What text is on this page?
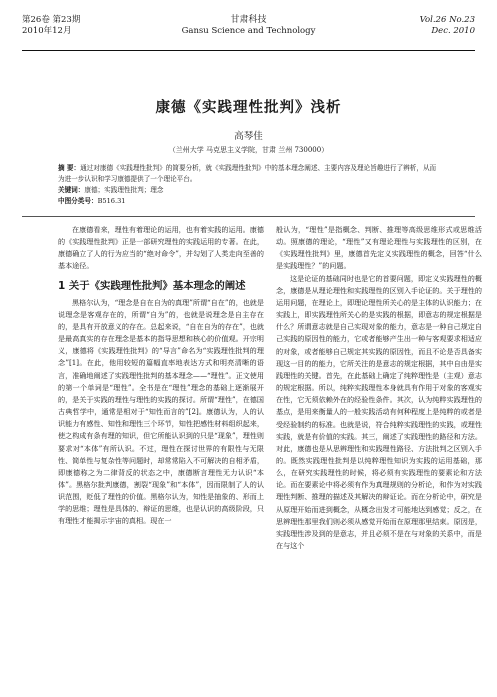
第26卷 第23期
2010年12月
甘肃科技
Gansu Science and Technology
Vol.26 No.23
Dec. 2010
康德《实践理性批判》浅析
高琴佳
（兰州大学 马克思主义学院，甘肃 兰州 730000）
摘 要：通过对康德《实践理性批判》的简要分析，就《实践理性批判》中的基本理念阐述、主要内容及理论旨趣进行了辨析，从而为进一步认识和学习康德提供了一个理论平台。
关键词：康德；实践理性批判；理念
中图分类号：B516.31

在康德看来，理性有着理论的运用，也有着实践的运用。康德的《实践理性批判》正是一部研究理性的实践运用的专著。在此，康德确立了人的行为应当的“绝对命令”，并勾划了人类走向至善的基本途径。

1 关于《实践理性批判》基本理念的阐述

黑格尔认为，“理念是自在自为的真理”所谓“自在”的，也就是说理念是客观存在的，所谓“自为”的，也就是说理念是自主存在的，是具有开放意义的存在。总起来说，“自在自为的存在”，也就是最高真实的存在理念是基本的指导思想和核心的价值观。开宗明义，康德将《实践理性批判》的“导言”命名为“实践理性批判的理念”[1]。在此，他用较短的篇幅直率地表达方式和明亮清晰的语言，准确地阐述了实践理性批判的基本理念——“理性”。正文使用的第一个单词是“理性”。全书是在“理性”理念的基础上逐渐展开的，是关于实践的理性与理性的实践的探讨。所谓“理性”，在德国古典哲学中，通常是相对于“知性而言的”[2]。康德认为，人的认识能力有感性、知性和理性三个环节，知性把感性材料组织起来，使之构成有条有理的知识，但它所能认识到的只是“现象”，理性则要求对“本体”有所认识。不过，理性在探讨世界的有限性与无限性、简单性与复杂性等问题时，却常常陷入不可解决的自相矛盾，即康德称之为二律背反的状态之中，康德断言理性无力认识“本体”。黑格尔批判康德，割裂“现象”和“本体”，因而限制了人的认识范围，贬低了理性的价值。黑格尔认为，知性是抽象的、形而上学的思维；理性是具体的、辩证的思维，也是认识的高级阶段，只有理性才能揭示宇宙的真相。现在一

般认为，“理性”是指概念、判断、推理等高级思维形式或思维活动。照康德的理论，“理性”又有理论理性与实践理性的区别，在《实践理性批判》里，康德首先定义实践理性的概念，回答“什么是实践理性？”的问题。

这是论证的基础同时也是它的首要问题，即定义实践理性的概念，康德是从理论理性和实践理性的区别入手论证的。关于理性的运用问题，在理论上，即理论理性所关心的是主体的认识能力；在实践上，即实践理性所关心的是实践的根据，即意志的规定根据是什么？所谓意志就是自己实现对象的能力，意志是一种自己规定自己实践的原因性的能力，它或者能够产生出一种与客观要求相适应的对象，或者能够自己规定其实践的原因性，而且不论是否具备实现这一目的的能力，它所关注的是意志的规定根据，其中自由是实践理性的关键。首先，在此基础上确定了纯粹理性是（主观）意志的规定根据。所以，纯粹实践理性本身就具有作用于对象的客观实在性，它无须依赖外在的经验性条件。其次，认为纯粹实践理性的基点，是用来衡量人的一般实践活动有何种程度上是纯粹的或者是受经验制约的标准。也就是说，符合纯粹实践理性的实践，或理性实践，就是有价值的实践。其三，阐述了实践理性的路径和方法。对此，康德也是从思辨理性和实践理性路径、方法批判之区别入手的。既然实践理性批判是以纯粹理性知识为实践的运用基础，那么，在研究实践理性的时候，将必须有实践理性的要素论和方法论。而在要素论中将必须有作为真理规则的分析论，和作为对实践理性判断、推理的描述及其解决的辩证论。而在分析论中，研究是从原理开始而进到概念，从概念出发才可能地达到感觉；反之，在思辨理性那里我们则必须从感觉开始而在原理那里结束。原因是，实践理性涉及到的是意志，并且必须不是在与对象的关系中，而是在与这个
